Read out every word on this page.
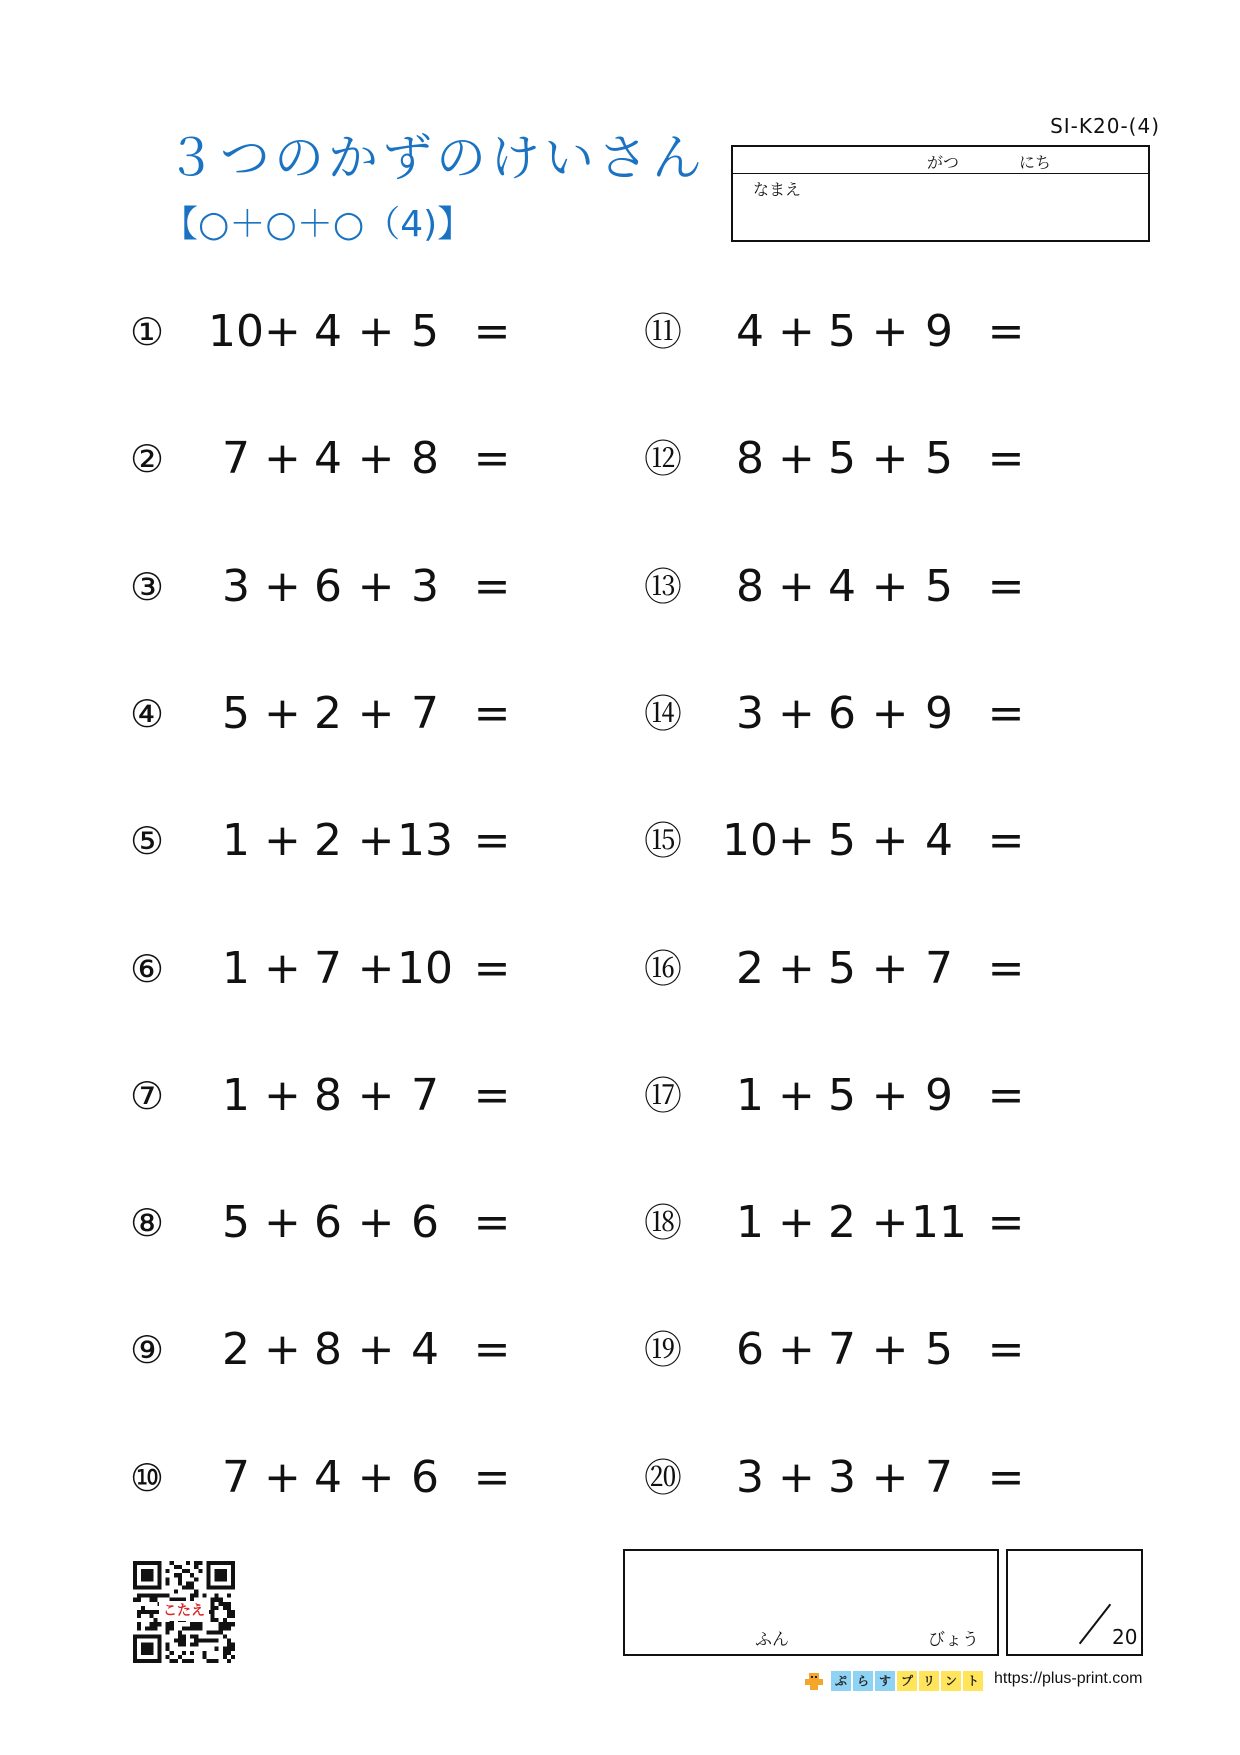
３つのかずのけいさん
【○＋○＋○（4)】
SI-K20-(4)
がつ	にち
なまえ
① 10 + 4 + 5 =
②	7 + 4 + 8 =
③	3 + 6 + 3 =
④	5 + 2 + 7 =
⑤	1 + 2 + 13 =
⑥	1 + 7 + 10 =
⑦	1 + 8 + 7 =
⑧	5 + 6 + 6 =
⑨	2 + 8 + 4 =
⑩	7 + 4 + 6 =
⑪	4 + 5 + 9 =
⑫	8 + 5 + 5 =
⑬	8 + 4 + 5 =
⑭	3 + 6 + 9 =
⑮ 10 + 5 + 4 =
⑯	2 + 5 + 7 =
⑰	1 + 5 + 9 =
⑱	1 + 2 + 11 =
⑲	6 + 7 + 5 =
⑳	3 + 3 + 7 =
こたえ
ふん	びょう	20
ぷ ら す プ リ ン ト https://plus-print.com
